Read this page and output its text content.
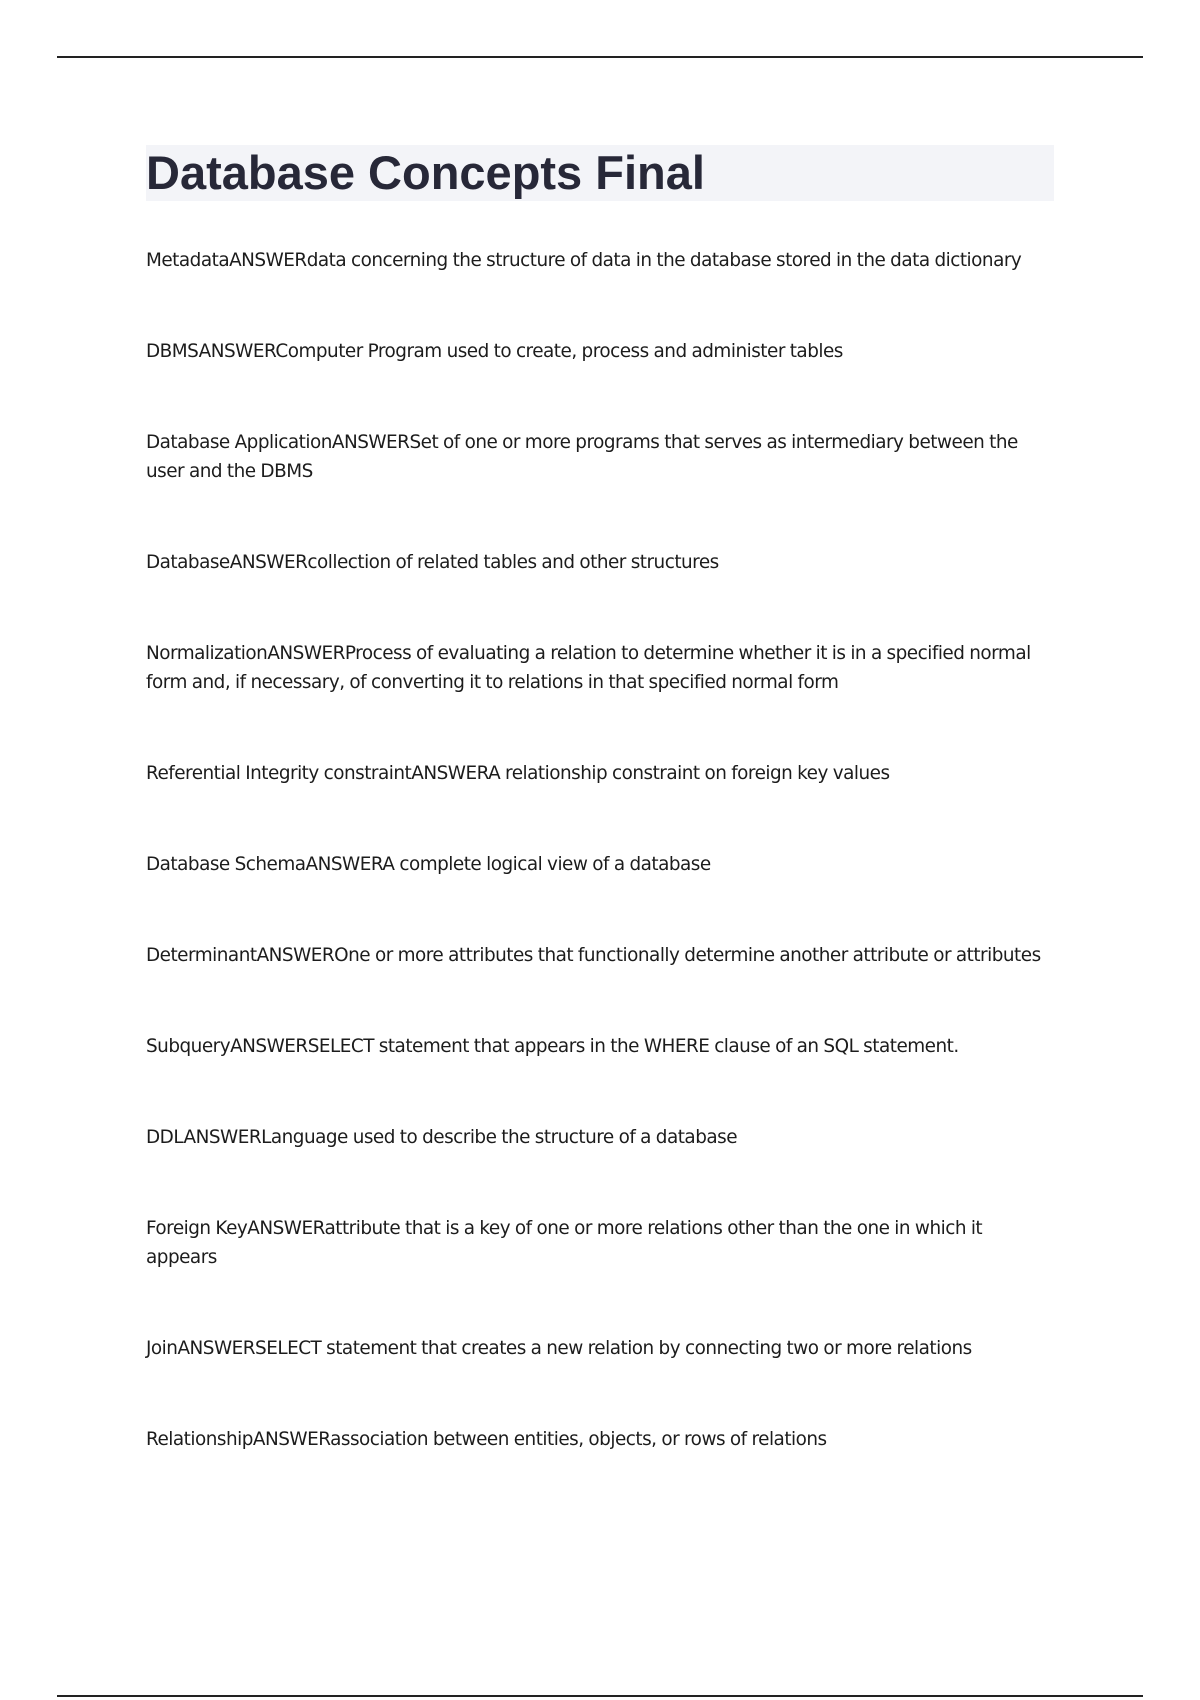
Database Concepts Final

MetadataANSWERdata concerning the structure of data in the database stored in the data dictionary

DBMSANSWERComputer Program used to create, process and administer tables

Database ApplicationANSWERSet of one or more programs that serves as intermediary between the user and the DBMS

DatabaseANSWERcollection of related tables and other structures

NormalizationANSWERProcess of evaluating a relation to determine whether it is in a specified normal form and, if necessary, of converting it to relations in that specified normal form

Referential Integrity constraintANSWERA relationship constraint on foreign key values

Database SchemaANSWERA complete logical view of a database

DeterminantANSWEROne or more attributes that functionally determine another attribute or attributes

SubqueryANSWERSELECT statement that appears in the WHERE clause of an SQL statement.

DDLANSWERLanguage used to describe the structure of a database

Foreign KeyANSWERattribute that is a key of one or more relations other than the one in which it appears

JoinANSWERSELECT statement that creates a new relation by connecting two or more relations

RelationshipANSWERassociation between entities, objects, or rows of relations
